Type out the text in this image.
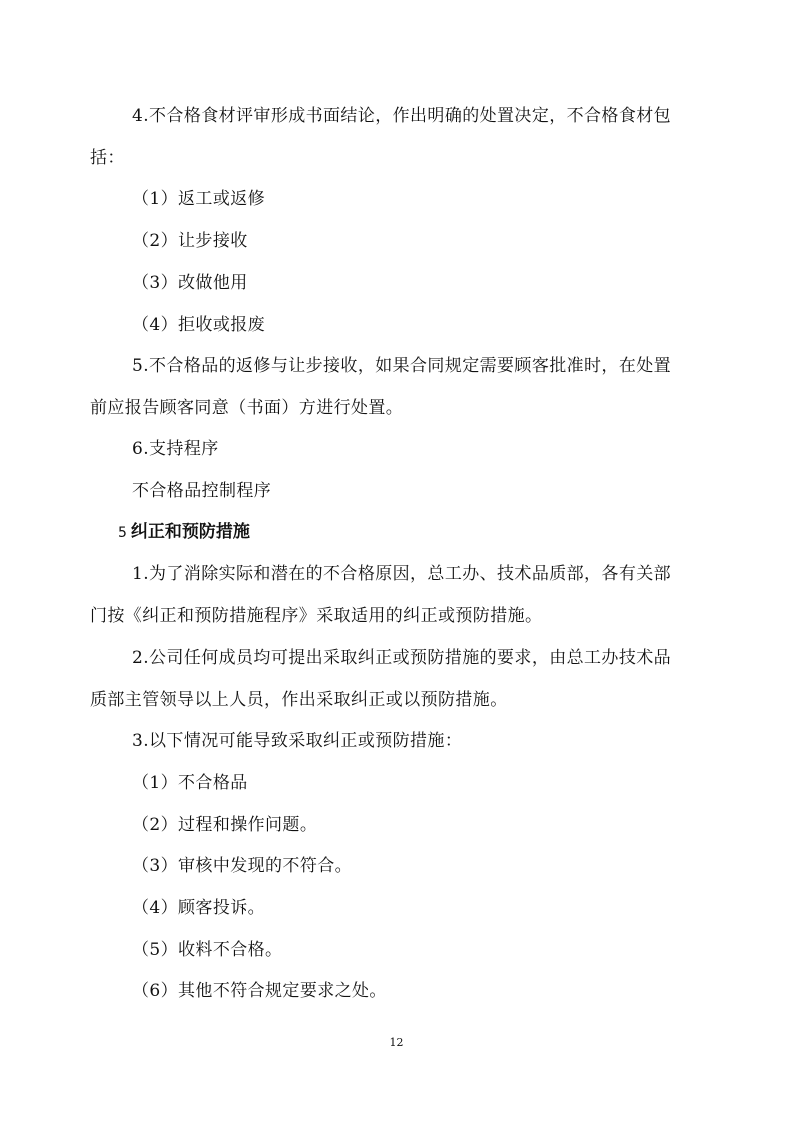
4.不合格食材评审形成书面结论，作出明确的处置决定，不合格食材包
括：
（1）返工或返修
（2）让步接收
（3）改做他用
（4）拒收或报废
5.不合格品的返修与让步接收，如果合同规定需要顾客批准时，在处置
前应报告顾客同意（书面）方进行处置。
6.支持程序
不合格品控制程序
5 纠正和预防措施
1.为了消除实际和潜在的不合格原因，总工办、技术品质部，各有关部
门按《纠正和预防措施程序》采取适用的纠正或预防措施。
2.公司任何成员均可提出采取纠正或预防措施的要求，由总工办技术品
质部主管领导以上人员，作出采取纠正或以预防措施。
3.以下情况可能导致采取纠正或预防措施：
（1）不合格品
（2）过程和操作问题。
（3）审核中发现的不符合。
（4）顾客投诉。
（5）收料不合格。
（6）其他不符合规定要求之处。
12
